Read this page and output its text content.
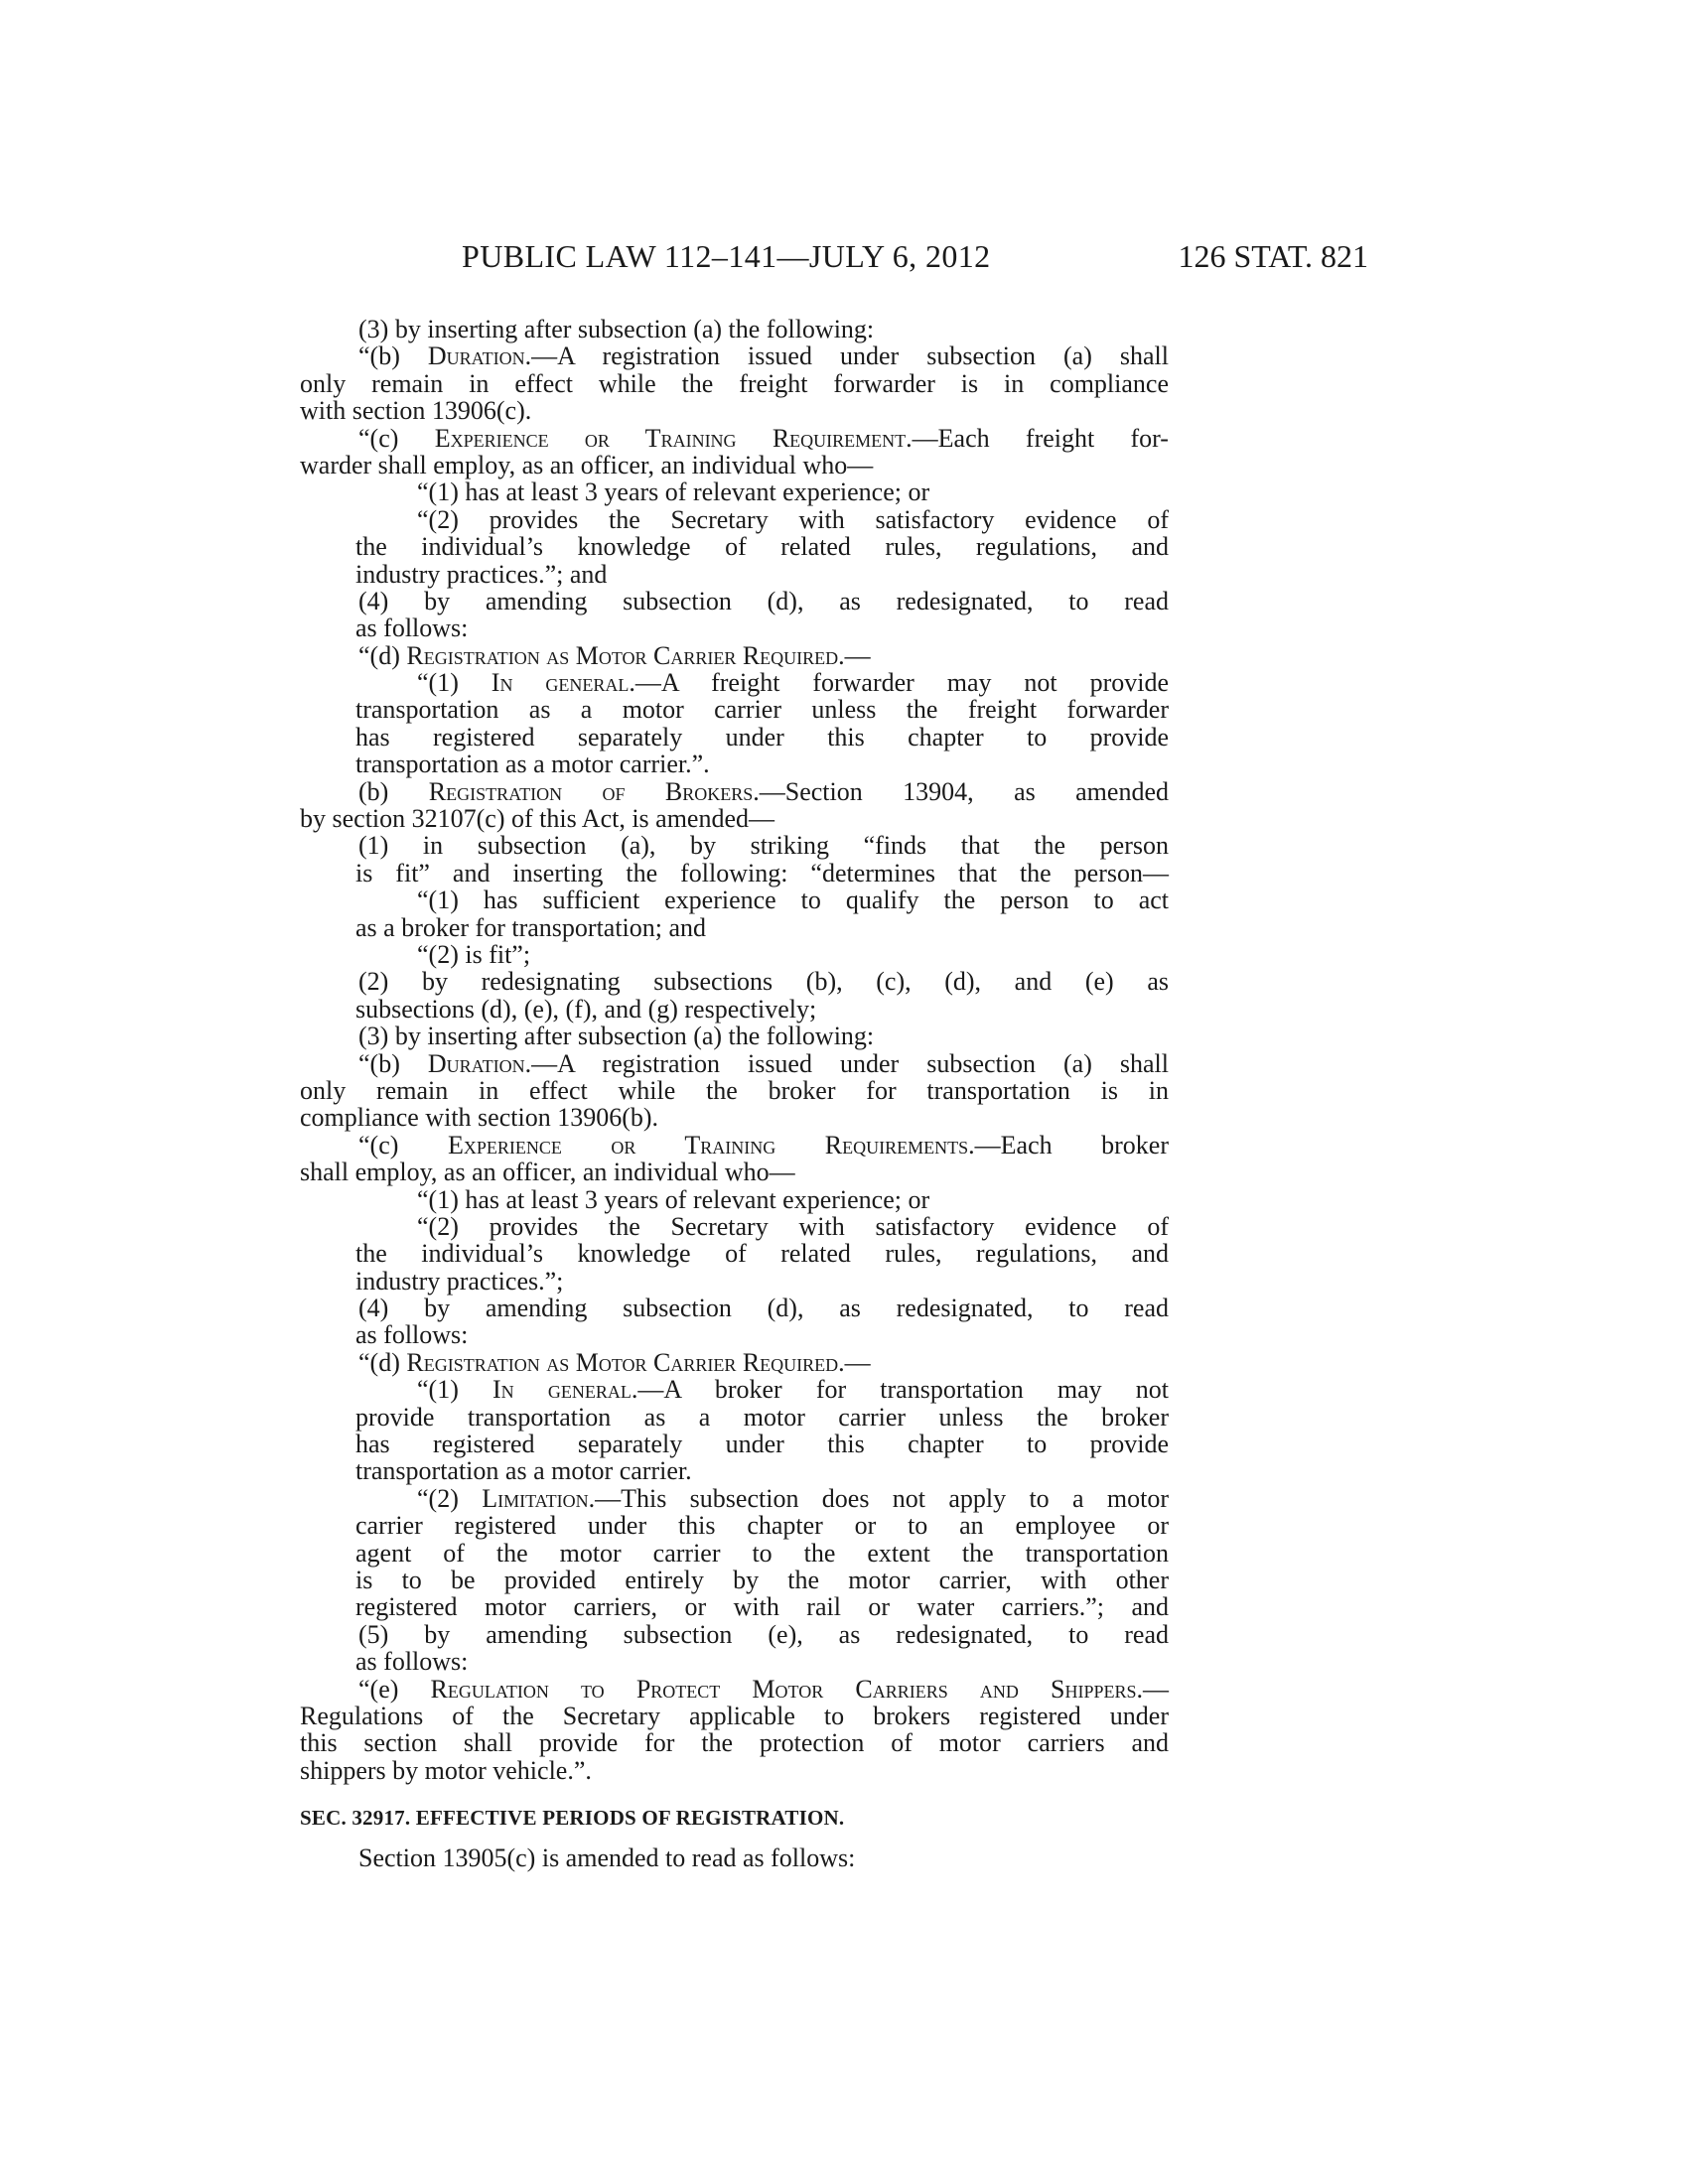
PUBLIC LAW 112–141—JULY 6, 2012	126 STAT. 821
(3) by inserting after subsection (a) the following:
“(b) Duration.—A registration issued under subsection (a) shall
only remain in effect while the freight forwarder is in compliance
with section 13906(c).
“(c) Experience or Training Requirement.—Each freight for-
warder shall employ, as an officer, an individual who—
“(1) has at least 3 years of relevant experience; or
“(2) provides the Secretary with satisfactory evidence of
the individual’s knowledge of related rules, regulations, and
industry practices.”; and
(4) by amending subsection (d), as redesignated, to read
as follows:
“(d) Registration as Motor Carrier Required.—
“(1) In general.—A freight forwarder may not provide
transportation as a motor carrier unless the freight forwarder
has registered separately under this chapter to provide
transportation as a motor carrier.”.
(b) Registration of Brokers.—Section 13904, as amended
by section 32107(c) of this Act, is amended—
(1) in subsection (a), by striking “finds that the person
is fit” and inserting the following: “determines that the person—
“(1) has sufficient experience to qualify the person to act
as a broker for transportation; and
“(2) is fit”;
(2) by redesignating subsections (b), (c), (d), and (e) as
subsections (d), (e), (f), and (g) respectively;
(3) by inserting after subsection (a) the following:
“(b) Duration.—A registration issued under subsection (a) shall
only remain in effect while the broker for transportation is in
compliance with section 13906(b).
“(c) Experience or Training Requirements.—Each broker
shall employ, as an officer, an individual who—
“(1) has at least 3 years of relevant experience; or
“(2) provides the Secretary with satisfactory evidence of
the individual’s knowledge of related rules, regulations, and
industry practices.”;
(4) by amending subsection (d), as redesignated, to read
as follows:
“(d) Registration as Motor Carrier Required.—
“(1) In general.—A broker for transportation may not
provide transportation as a motor carrier unless the broker
has registered separately under this chapter to provide
transportation as a motor carrier.
“(2) Limitation.—This subsection does not apply to a motor
carrier registered under this chapter or to an employee or
agent of the motor carrier to the extent the transportation
is to be provided entirely by the motor carrier, with other
registered motor carriers, or with rail or water carriers.”; and
(5) by amending subsection (e), as redesignated, to read
as follows:
“(e) Regulation to Protect Motor Carriers and Shippers.—
Regulations of the Secretary applicable to brokers registered under
this section shall provide for the protection of motor carriers and
shippers by motor vehicle.”.
SEC. 32917. EFFECTIVE PERIODS OF REGISTRATION.
Section 13905(c) is amended to read as follows:
